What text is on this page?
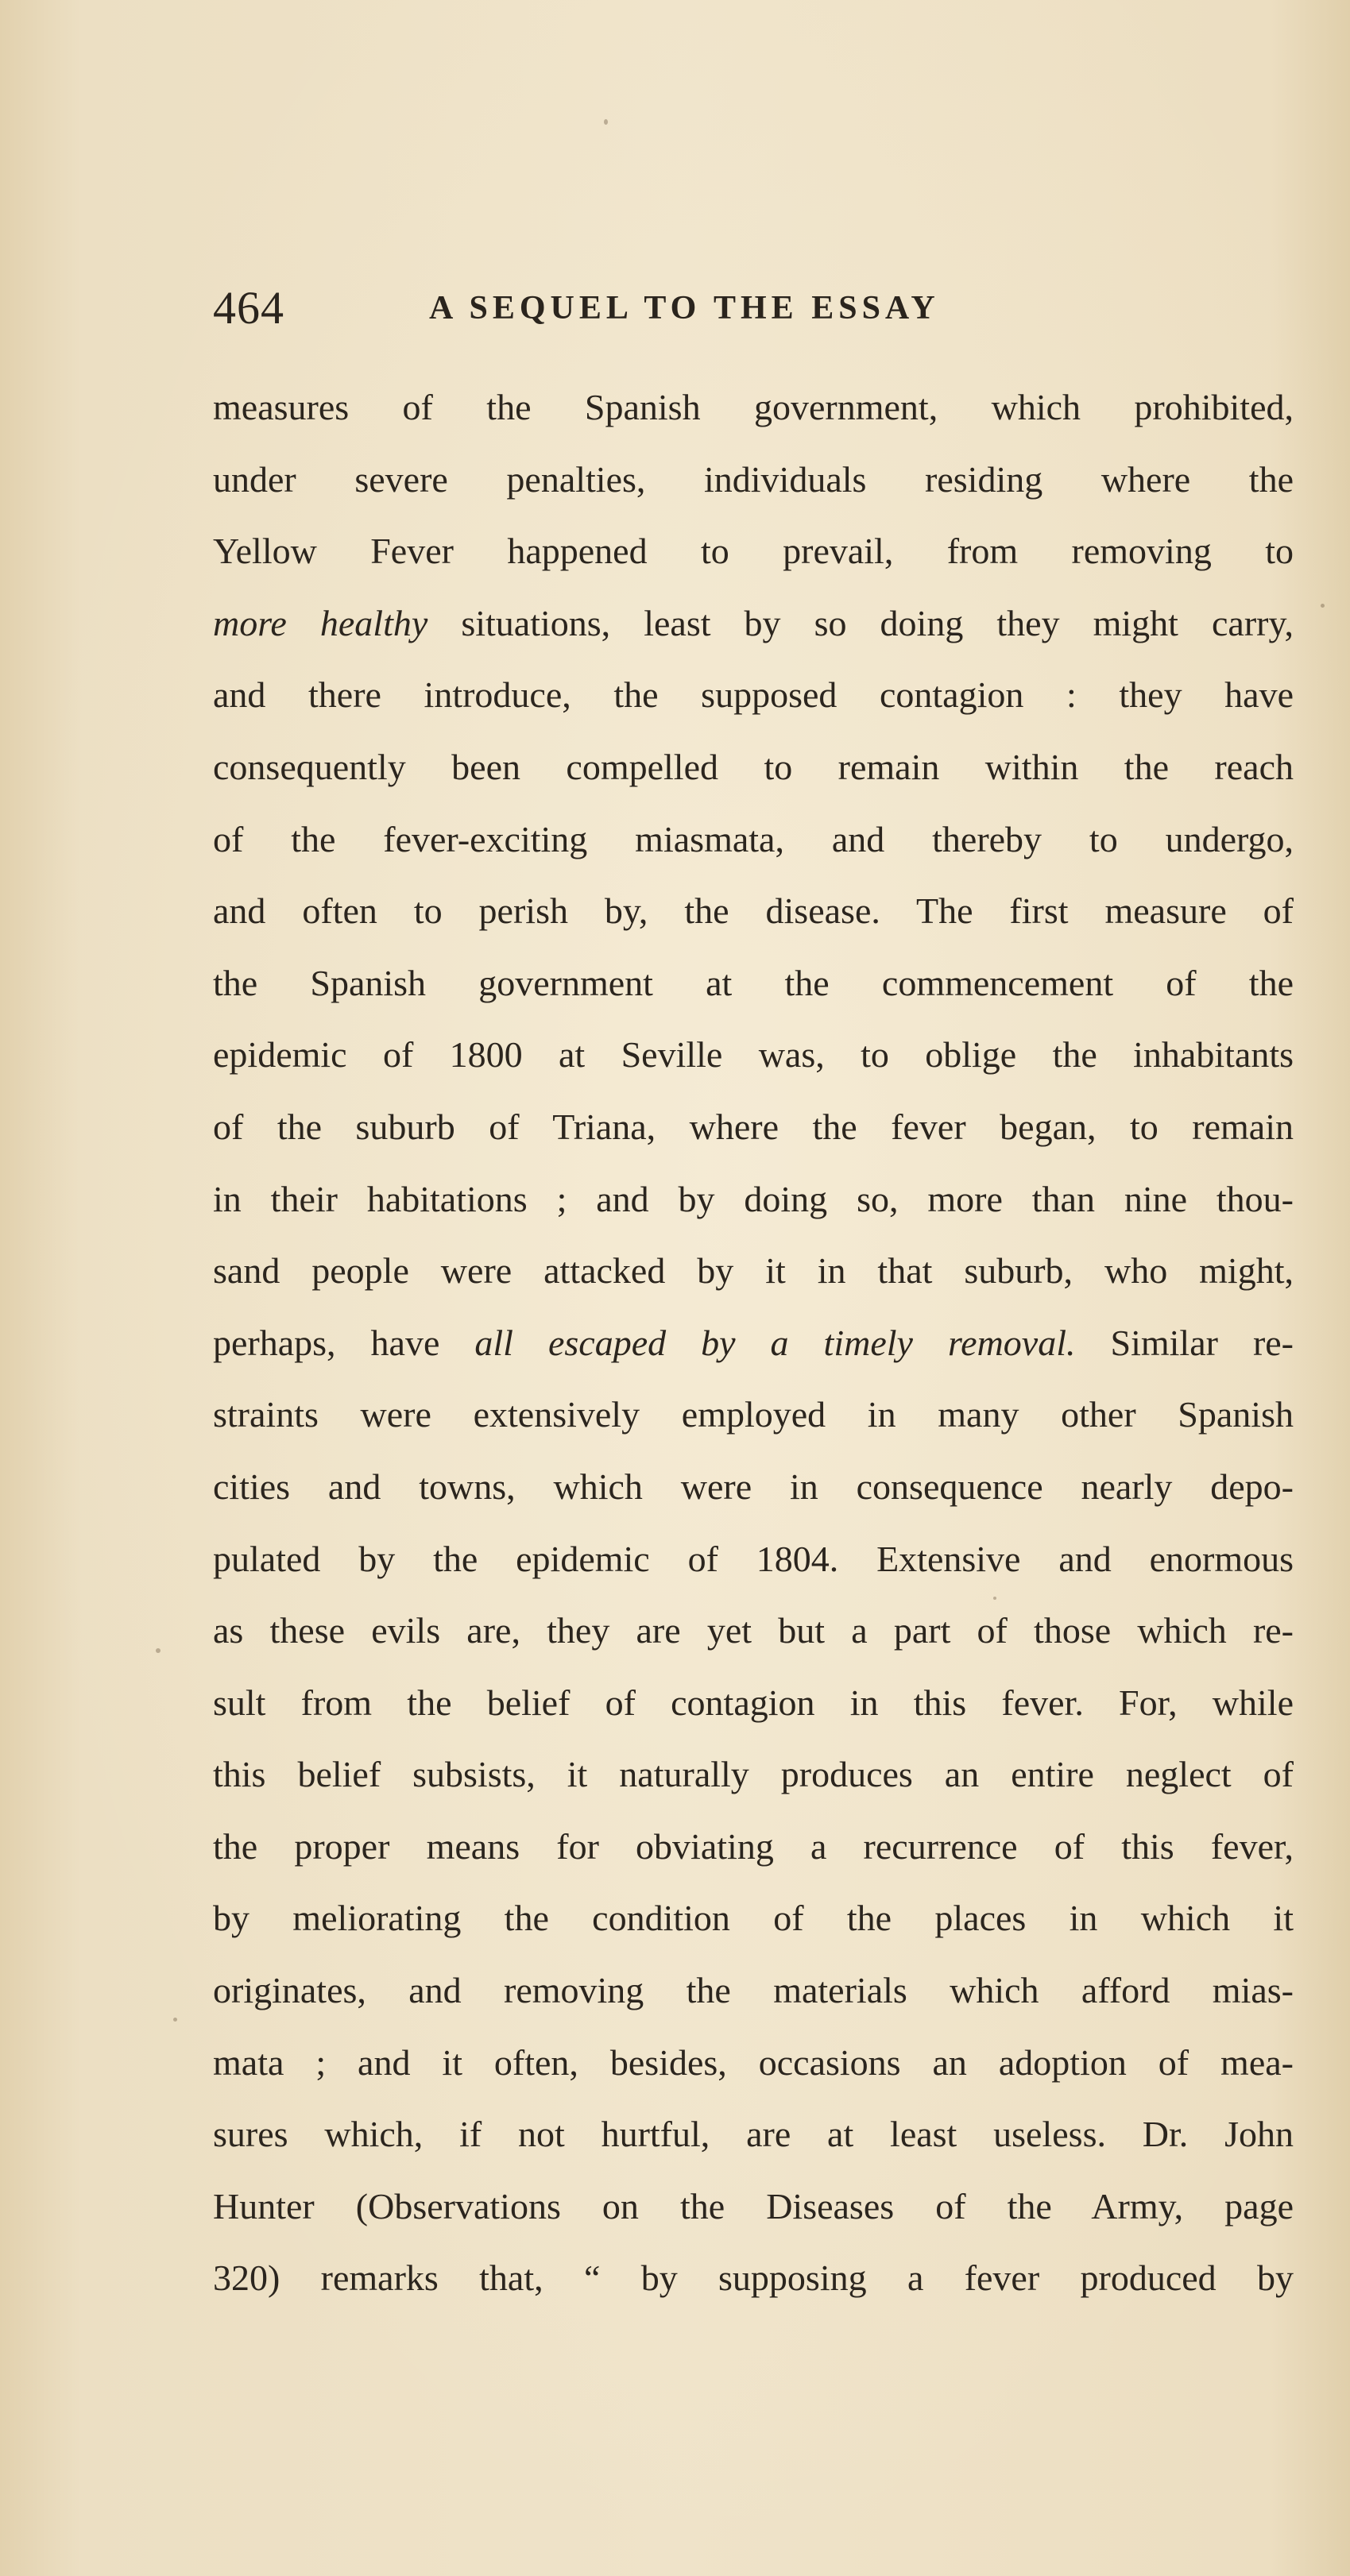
464	A SEQUEL TO THE ESSAY
measures of the Spanish government, which prohibited,
under severe penalties, individuals residing where the
Yellow Fever happened to prevail, from removing to
more healthy situations, least by so doing they might carry,
and there introduce, the supposed contagion : they have
consequently been compelled to remain within the reach
of the fever-exciting miasmata, and thereby to undergo,
and often to perish by, the disease. The first measure of
the Spanish government at the commencement of the
epidemic of 1800 at Seville was, to oblige the inhabitants
of the suburb of Triana, where the fever began, to remain
in their habitations ; and by doing so, more than nine thou-
sand people were attacked by it in that suburb, who might,
perhaps, have all escaped by a timely removal. Similar re-
straints were extensively employed in many other Spanish
cities and towns, which were in consequence nearly depo-
pulated by the epidemic of 1804. Extensive and enormous
as these evils are, they are yet but a part of those which re-
sult from the belief of contagion in this fever. For, while
this belief subsists, it naturally produces an entire neglect of
the proper means for obviating a recurrence of this fever,
by meliorating the condition of the places in which it
originates, and removing the materials which afford mias-
mata ; and it often, besides, occasions an adoption of mea-
sures which, if not hurtful, are at least useless. Dr. John
Hunter (Observations on the Diseases of the Army, page
320) remarks that, “ by supposing a fever produced by
